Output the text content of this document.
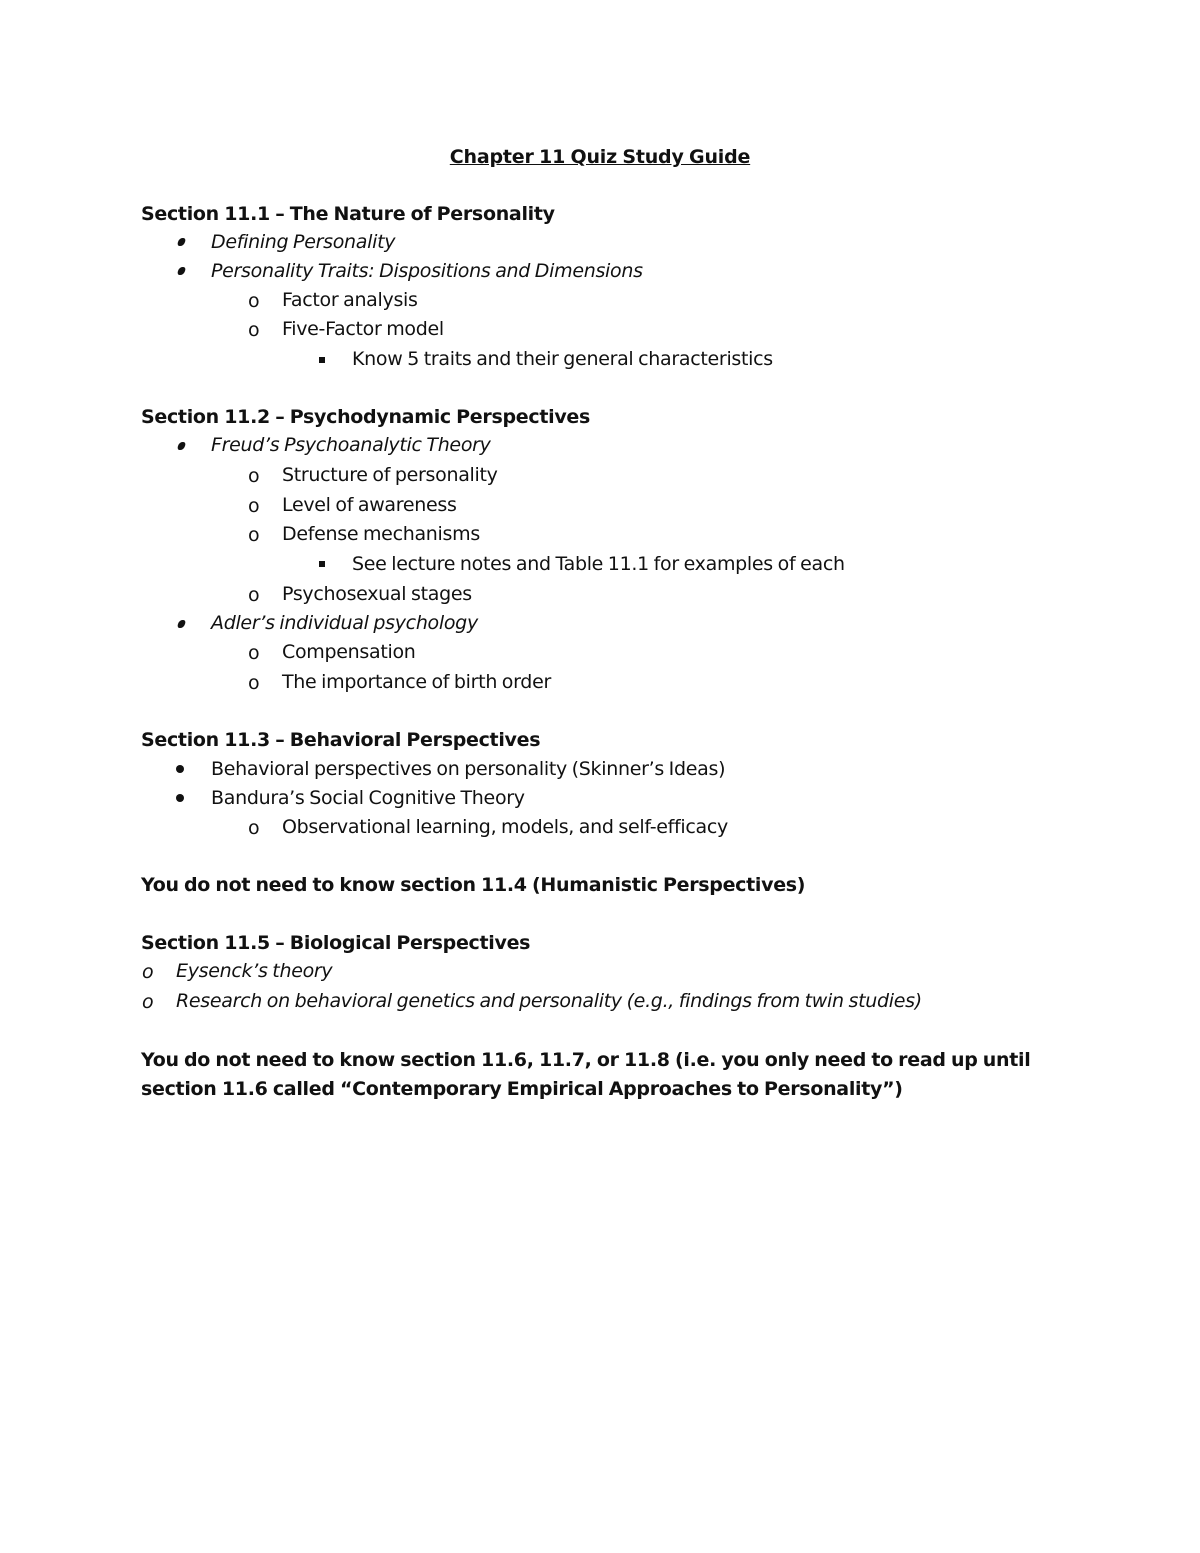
Chapter 11 Quiz Study Guide
Section 11.1 – The Nature of Personality
Defining Personality
Personality Traits: Dispositions and Dimensions
o Factor analysis
o Five-Factor model
Know 5 traits and their general characteristics
Section 11.2 – Psychodynamic Perspectives
Freud’s Psychoanalytic Theory
o Structure of personality
o Level of awareness
o Defense mechanisms
See lecture notes and Table 11.1 for examples of each
o Psychosexual stages
Adler’s individual psychology
o Compensation
o The importance of birth order
Section 11.3 – Behavioral Perspectives
Behavioral perspectives on personality (Skinner’s Ideas)
Bandura’s Social Cognitive Theory
o Observational learning, models, and self-efficacy
You do not need to know section 11.4 (Humanistic Perspectives)
Section 11.5 – Biological Perspectives
o Eysenck’s theory
o Research on behavioral genetics and personality (e.g., findings from twin studies)
You do not need to know section 11.6, 11.7, or 11.8 (i.e. you only need to read up until
section 11.6 called “Contemporary Empirical Approaches to Personality”)
